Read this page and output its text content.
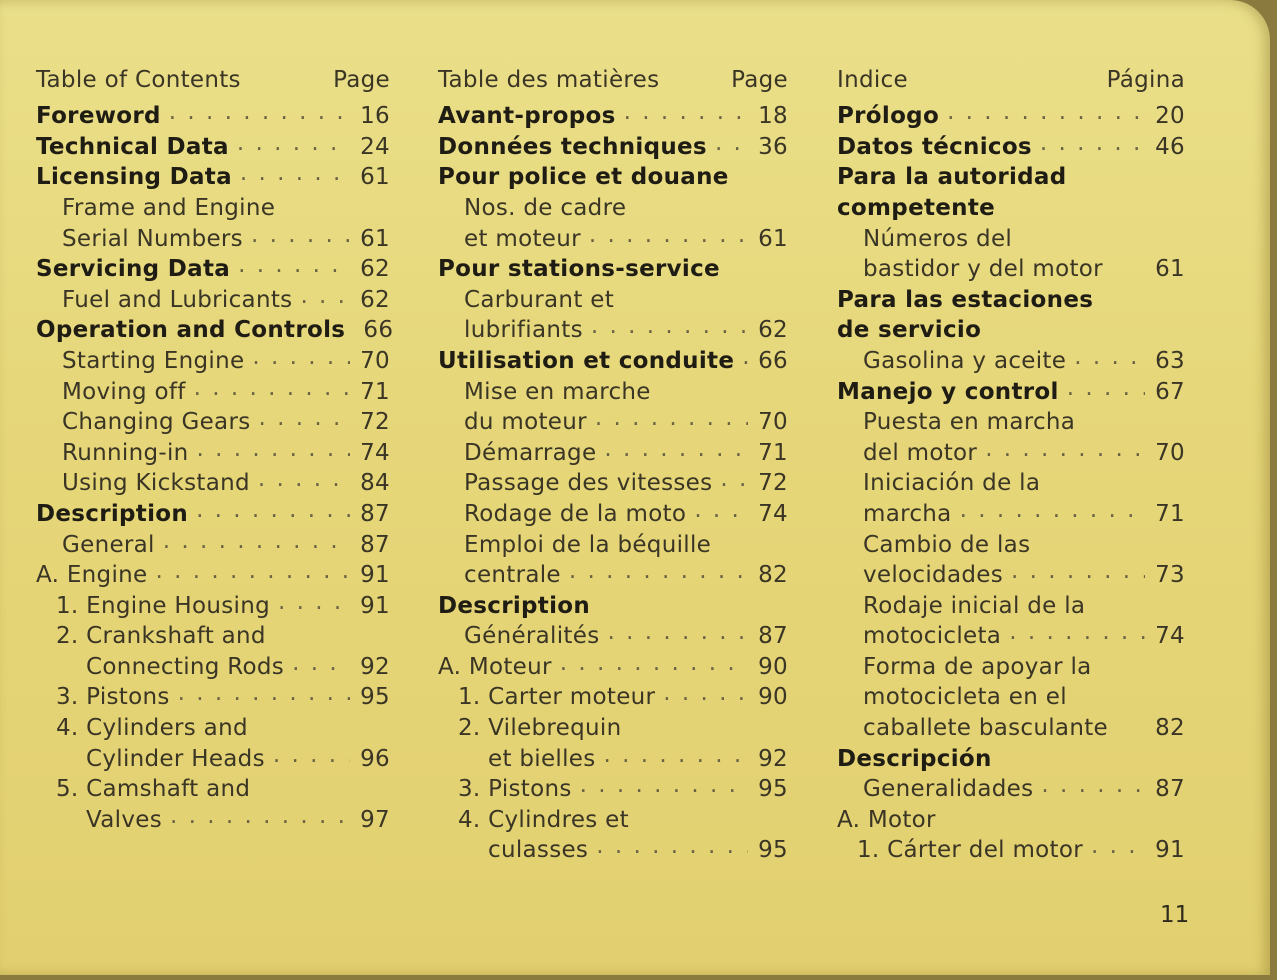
Table of Contents	Page
Foreword . . .	16
Technical Data . . .	24
Licensing Data . . .	61
Frame and Engine
Serial Numbers . . .	61
Servicing Data . . .	62
Fuel and Lubricants . . .	62
Operation and Controls 66
Starting Engine . . .	70
Moving off . . .	71
Changing Gears . . .	72
Running-in . . .	74
Using Kickstand . . .	84
Description . . .	87
General . . .	87
A. Engine . . .	91
1. Engine Housing . . .	91
2. Crankshaft and
Connecting Rods . . .	92
3. Pistons . . .	95
4. Cylinders and
Cylinder Heads . . .	96
5. Camshaft and
Valves . . .	97
Table des matières	Page
Avant-propos . . .	18
Données techniques . . . 36
Pour police et douane
Nos. de cadre
et moteur . . .	61
Pour stations-service
Carburant et
lubrifiants . . .	62
Utilisation et conduite . . . 66
Mise en marche
du moteur . . .	70
Démarrage . . .	71
Passage des vitesses . . . 72
Rodage de la moto . . .	74
Emploi de la béquille
centrale . . .	82
Description
Généralités . . .	87
A. Moteur . . .	90
1. Carter moteur . . .	90
2. Vilebrequin
et bielles . . .	92
3. Pistons . . .	95
4. Cylindres et
culasses . . .	95
Indice	Página
Prólogo . . .	20
Datos técnicos . . .	46
Para la autoridad
competente
Números del
bastidor y del motor 61
Para las estaciones
de servicio
Gasolina y aceite . . .	63
Manejo y control . . .	67
Puesta en marcha
del motor . . .	70
Iniciación de la
marcha . . .	71
Cambio de las
velocidades . . .	73
Rodaje inicial de la
motocicleta . . .	74
Forma de apoyar la
motocicleta en el
caballete basculante 82
Descripción
Generalidades . . .	87
A. Motor
1. Cárter del motor . . .	91
11
